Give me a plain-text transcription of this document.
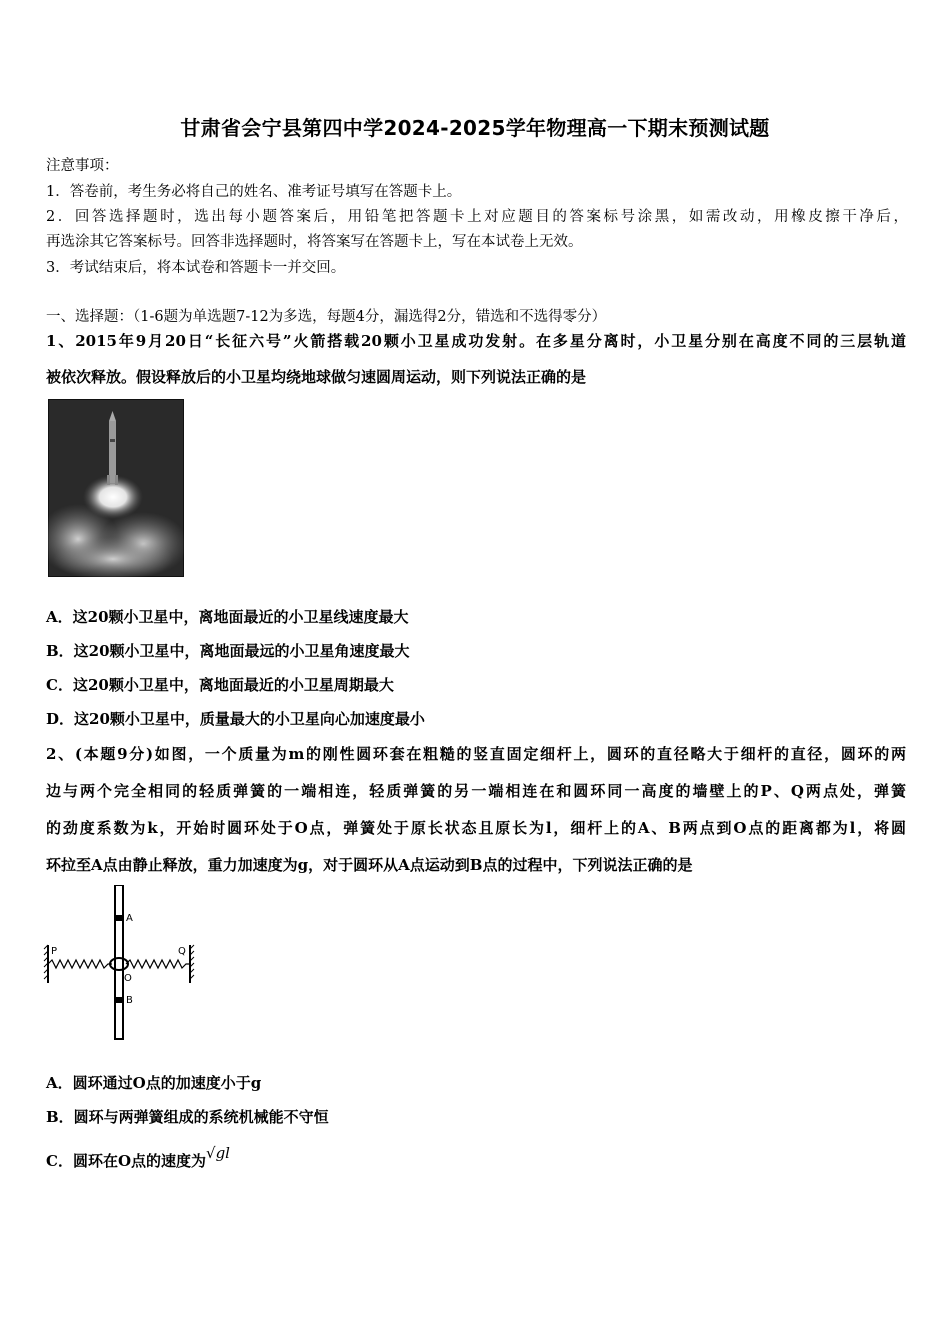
甘肃省会宁县第四中学2024-2025学年物理高一下期末预测试题
注意事项：
1．答卷前，考生务必将自己的姓名、准考证号填写在答题卡上。
2．回答选择题时，选出每小题答案后，用铅笔把答题卡上对应题目的答案标号涂黑，如需改动，用橡皮擦干净后，
再选涂其它答案标号。回答非选择题时，将答案写在答题卡上，写在本试卷上无效。
3．考试结束后，将本试卷和答题卡一并交回。
一、选择题：（1-6题为单选题7-12为多选，每题4分，漏选得2分，错选和不选得零分）
1、2015年9月20日“长征六号”火箭搭载20颗小卫星成功发射。在多星分离时，小卫星分别在高度不同的三层轨道
被依次释放。假设释放后的小卫星均绕地球做匀速圆周运动，则下列说法正确的是
A．这20颗小卫星中，离地面最近的小卫星线速度最大
B．这20颗小卫星中，离地面最远的小卫星角速度最大
C．这20颗小卫星中，离地面最近的小卫星周期最大
D．这20颗小卫星中，质量最大的小卫星向心加速度最小
2、(本题9分)如图，一个质量为m的刚性圆环套在粗糙的竖直固定细杆上，圆环的直径略大于细杆的直径，圆环的两
边与两个完全相同的轻质弹簧的一端相连，轻质弹簧的另一端相连在和圆环同一高度的墙壁上的P、Q两点处，弹簧
的劲度系数为k，开始时圆环处于O点，弹簧处于原长状态且原长为l，细杆上的A、B两点到O点的距离都为l，将圆
环拉至A点由静止释放，重力加速度为g，对于圆环从A点运动到B点的过程中，下列说法正确的是
A
B
O
P	Q
A．圆环通过O点的加速度小于g
B．圆环与两弹簧组成的系统机械能不守恒
C．圆环在O点的速度为√gl
